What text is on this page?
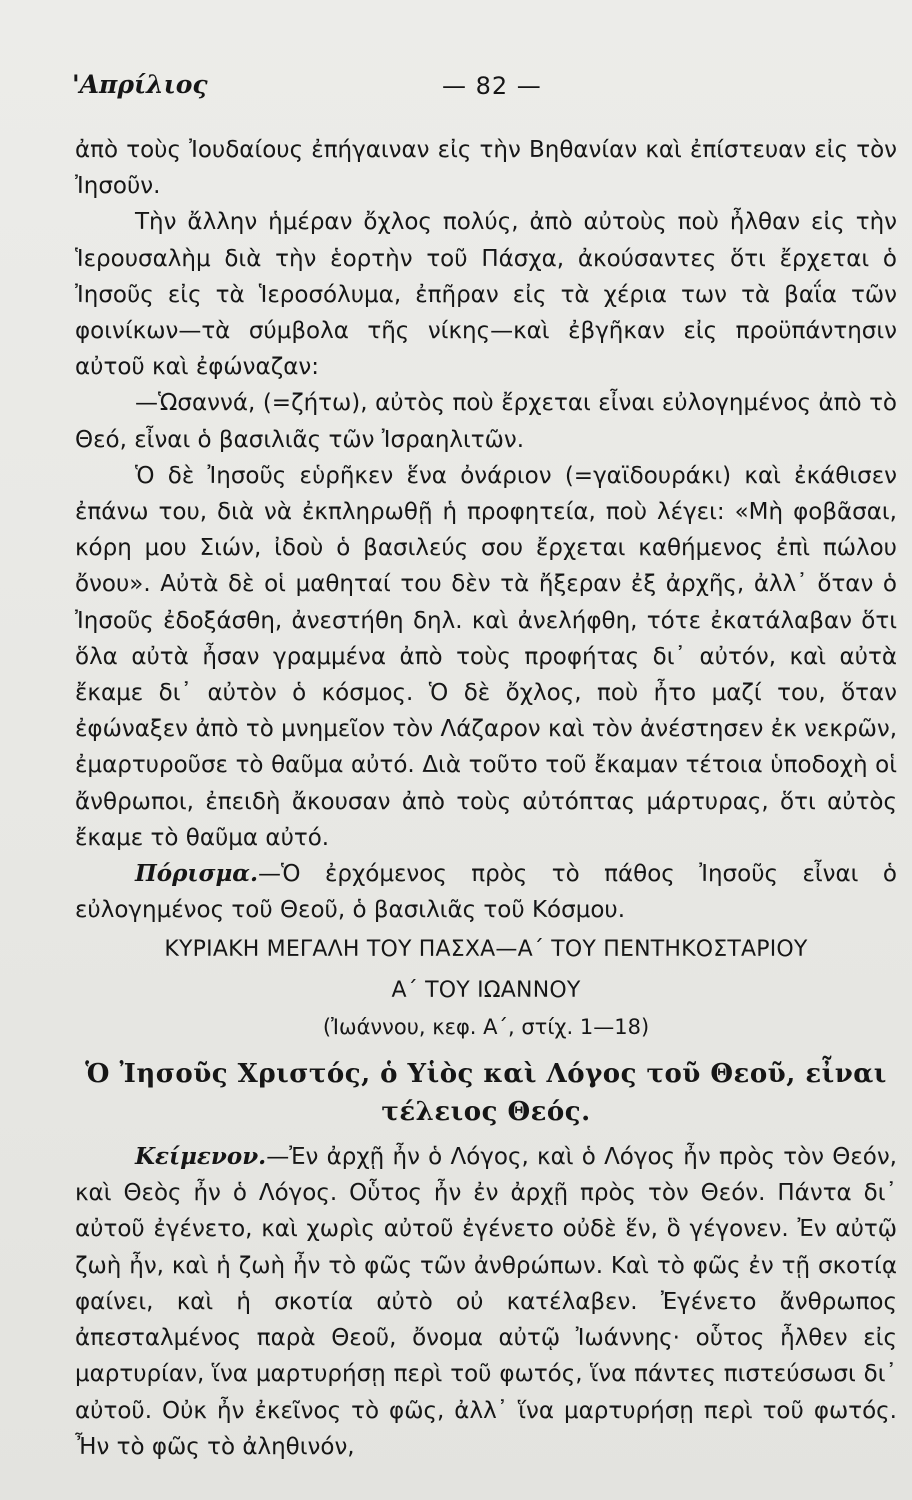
'Απρίλιος	— 82 —

ἀπὸ τοὺς Ἰουδαίους ἐπήγαιναν εἰς τὴν Βηθανίαν καὶ ἐπίστευαν εἰς τὸν Ἰησοῦν.

Τὴν ἄλλην ἡμέραν ὄχλος πολύς, ἀπὸ αὐτοὺς ποὺ ἦλθαν εἰς τὴν Ἱερουσαλὴμ διὰ τὴν ἑορτὴν τοῦ Πάσχα, ἀκούσαντες ὅτι ἔρχεται ὁ Ἰησοῦς εἰς τὰ Ἱεροσόλυμα, ἐπῆραν εἰς τὰ χέρια των τὰ βαΐα τῶν φοινίκων—τὰ σύμβολα τῆς νίκης—καὶ ἐβγῆκαν εἰς προϋπάντησιν αὐτοῦ καὶ ἐφώναζαν:

—Ὡσαννά, (=ζήτω), αὐτὸς ποὺ ἔρχεται εἶναι εὐλογημένος ἀπὸ τὸ Θεό, εἶναι ὁ βασιλιᾶς τῶν Ἰσραηλιτῶν.

Ὁ δὲ Ἰησοῦς εὑρῆκεν ἕνα ὀνάριον (=γαϊδουράκι) καὶ ἐκάθισεν ἐπάνω του, διὰ νὰ ἐκπληρωθῇ ἡ προφητεία, ποὺ λέγει: «Μὴ φοβᾶσαι, κόρη μου Σιών, ἰδοὺ ὁ βασιλεύς σου ἔρχεται καθήμενος ἐπὶ πώλου ὄνου». Αὐτὰ δὲ οἱ μαθηταί του δὲν τὰ ἤξεραν ἐξ ἀρχῆς, ἀλλ᾽ ὅταν ὁ Ἰησοῦς ἐδοξάσθη, ἀνεστήθη δηλ. καὶ ἀνελήφθη, τότε ἐκατάλαβαν ὅτι ὅλα αὐτὰ ἦσαν γραμμένα ἀπὸ τοὺς προφήτας δι᾽ αὐτόν, καὶ αὐτὰ ἔκαμε δι᾽ αὐτὸν ὁ κόσμος. Ὁ δὲ ὄχλος, ποὺ ἦτο μαζί του, ὅταν ἐφώναξεν ἀπὸ τὸ μνημεῖον τὸν Λάζαρον καὶ τὸν ἀνέστησεν ἐκ νεκρῶν, ἐμαρτυροῦσε τὸ θαῦμα αὐτό. Διὰ τοῦτο τοῦ ἔκαμαν τέτοια ὑποδοχὴ οἱ ἄνθρωποι, ἐπειδὴ ἄκουσαν ἀπὸ τοὺς αὐτόπτας μάρτυρας, ὅτι αὐτὸς ἔκαμε τὸ θαῦμα αὐτό.

Πόρισμα.—Ὁ ἐρχόμενος πρὸς τὸ πάθος Ἰησοῦς εἶναι ὁ εὐλογημένος τοῦ Θεοῦ, ὁ βασιλιᾶς τοῦ Κόσμου.

ΚΥΡΙΑΚΗ ΜΕΓΑΛΗ ΤΟΥ ΠΑΣΧΑ—Α΄ ΤΟΥ ΠΕΝΤΗΚΟΣΤΑΡΙΟΥ

Α΄ ΤΟΥ ΙΩΑΝΝΟΥ

(Ἰωάννου, κεφ. Α΄, στίχ. 1—18)

Ὁ Ἰησοῦς Χριστός, ὁ Υἱὸς καὶ Λόγος τοῦ Θεοῦ, εἶναι τέλειος Θεός.

Κείμενον.—Ἐν ἀρχῇ ἦν ὁ Λόγος, καὶ ὁ Λόγος ἦν πρὸς τὸν Θεόν, καὶ Θεὸς ἦν ὁ Λόγος. Οὗτος ἦν ἐν ἀρχῇ πρὸς τὸν Θεόν. Πάντα δι᾽ αὐτοῦ ἐγένετο, καὶ χωρὶς αὐτοῦ ἐγένετο οὐδὲ ἕν, ὃ γέγονεν. Ἐν αὐτῷ ζωὴ ἦν, καὶ ἡ ζωὴ ἦν τὸ φῶς τῶν ἀνθρώπων. Καὶ τὸ φῶς ἐν τῇ σκοτίᾳ φαίνει, καὶ ἡ σκοτία αὐτὸ οὐ κατέλαβεν. Ἐγένετο ἄνθρωπος ἀπεσταλμένος παρὰ Θεοῦ, ὄνομα αὐτῷ Ἰωάννης· οὗτος ἦλθεν εἰς μαρτυρίαν, ἵνα μαρτυρήσῃ περὶ τοῦ φωτός, ἵνα πάντες πιστεύσωσι δι᾽ αὐτοῦ. Οὐκ ἦν ἐκεῖνος τὸ φῶς, ἀλλ᾽ ἵνα μαρτυρήσῃ περὶ τοῦ φωτός. Ἦν τὸ φῶς τὸ ἀληθινόν,
